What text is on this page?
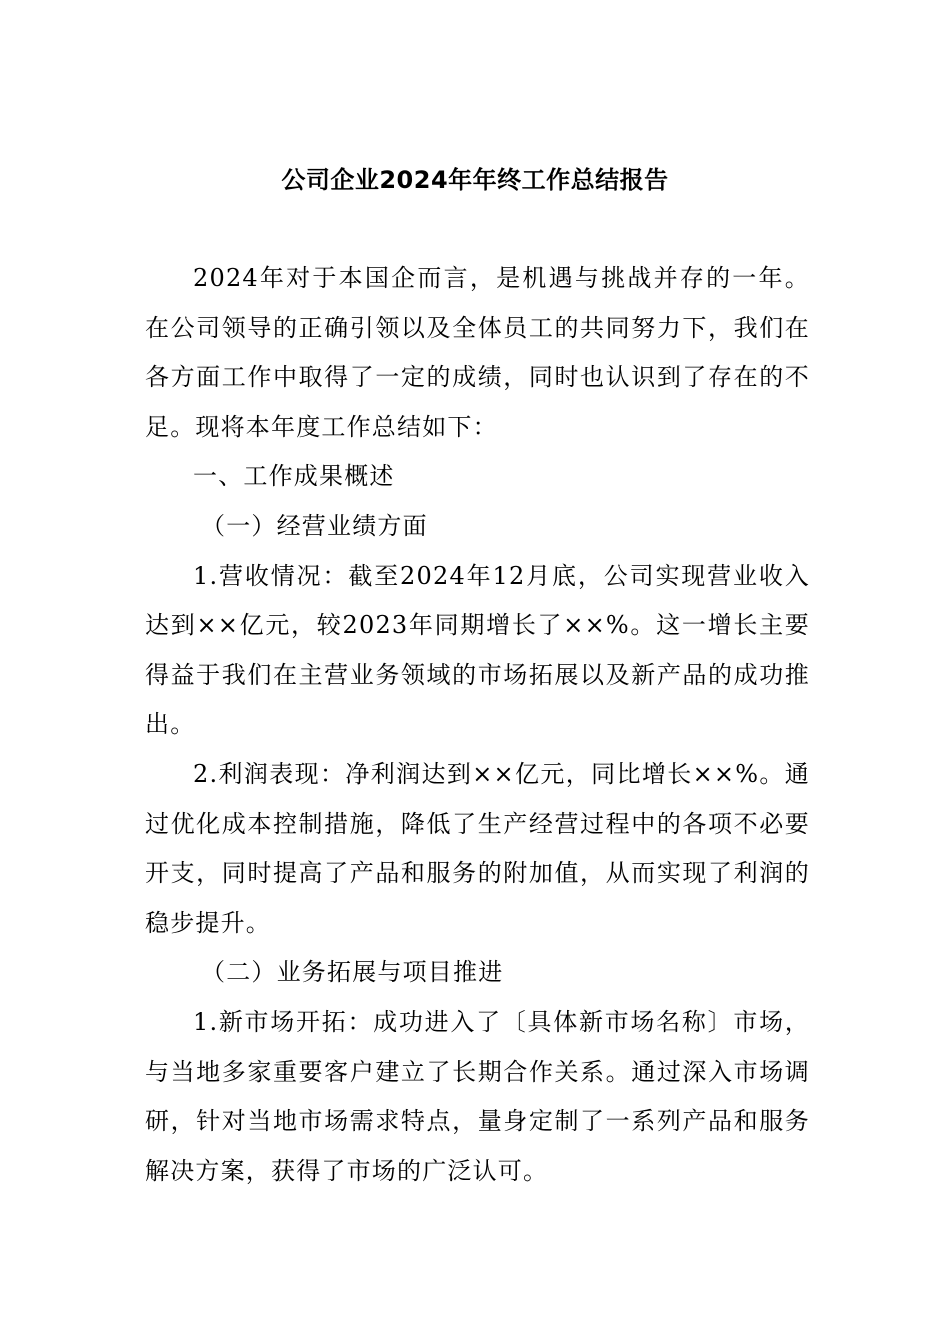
公司企业2024年年终工作总结报告

2024年对于本国企而言，是机遇与挑战并存的一年。在公司领导的正确引领以及全体员工的共同努力下，我们在各方面工作中取得了一定的成绩，同时也认识到了存在的不足。现将本年度工作总结如下：

一、工作成果概述

（一）经营业绩方面

1.营收情况：截至2024年12月底，公司实现营业收入达到××亿元，较2023年同期增长了××%。这一增长主要得益于我们在主营业务领域的市场拓展以及新产品的成功推出。

2.利润表现：净利润达到××亿元，同比增长××%。通过优化成本控制措施，降低了生产经营过程中的各项不必要开支，同时提高了产品和服务的附加值，从而实现了利润的稳步提升。

（二）业务拓展与项目推进

1.新市场开拓：成功进入了〔具体新市场名称〕市场，与当地多家重要客户建立了长期合作关系。通过深入市场调研，针对当地市场需求特点，量身定制了一系列产品和服务解决方案，获得了市场的广泛认可。
